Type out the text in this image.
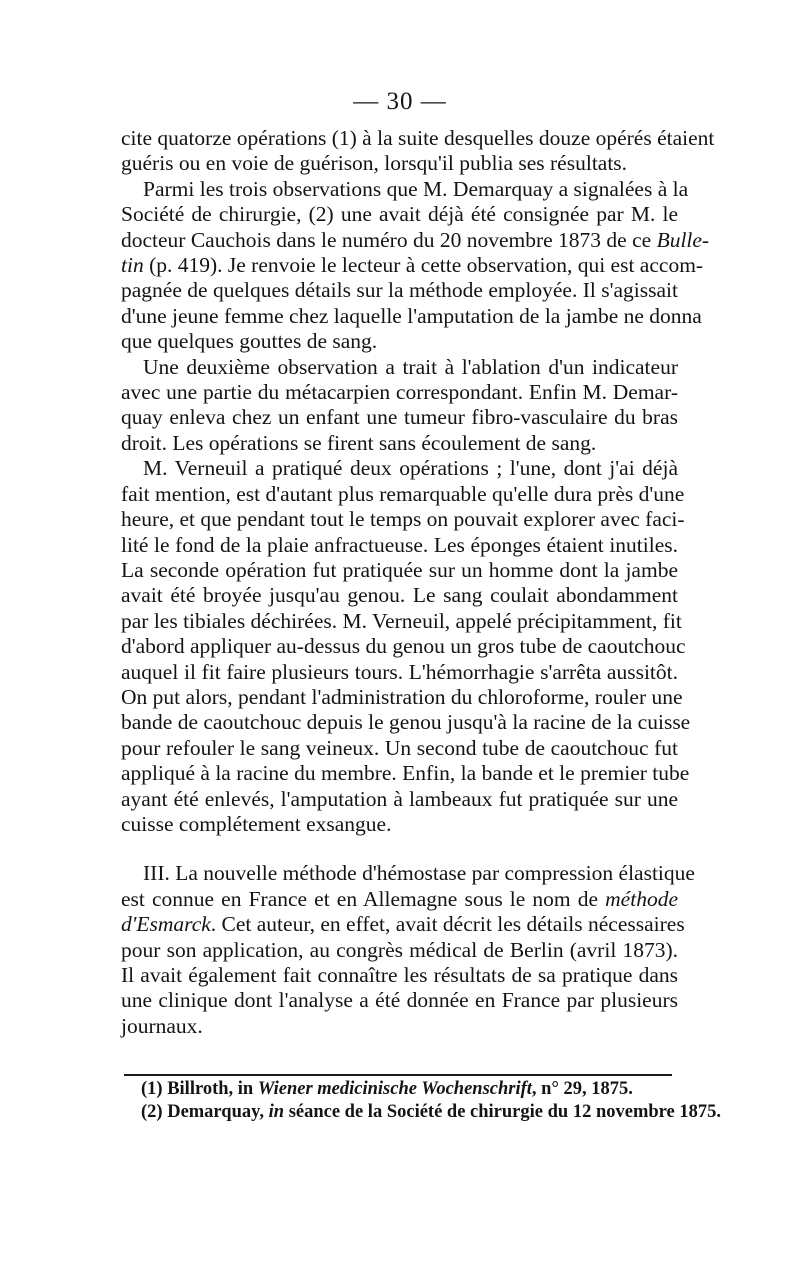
— 30 —
cite quatorze opérations (1) à la suite desquelles douze opérés étaient
guéris ou en voie de guérison, lorsqu'il publia ses résultats.
Parmi les trois observations que M. Demarquay a signalées à la
Société de chirurgie, (2) une avait déjà été consignée par M. le
docteur Cauchois dans le numéro du 20 novembre 1873 de ce Bulle-
tin (p. 419). Je renvoie le lecteur à cette observation, qui est accom-
pagnée de quelques détails sur la méthode employée. Il s'agissait
d'une jeune femme chez laquelle l'amputation de la jambe ne donna
que quelques gouttes de sang.
Une deuxième observation a trait à l'ablation d'un indicateur
avec une partie du métacarpien correspondant. Enfin M. Demar-
quay enleva chez un enfant une tumeur fibro-vasculaire du bras
droit. Les opérations se firent sans écoulement de sang.
M. Verneuil a pratiqué deux opérations ; l'une, dont j'ai déjà
fait mention, est d'autant plus remarquable qu'elle dura près d'une
heure, et que pendant tout le temps on pouvait explorer avec faci-
lité le fond de la plaie anfractueuse. Les éponges étaient inutiles.
La seconde opération fut pratiquée sur un homme dont la jambe
avait été broyée jusqu'au genou. Le sang coulait abondamment
par les tibiales déchirées. M. Verneuil, appelé précipitamment, fit
d'abord appliquer au-dessus du genou un gros tube de caoutchouc
auquel il fit faire plusieurs tours. L'hémorrhagie s'arrêta aussitôt.
On put alors, pendant l'administration du chloroforme, rouler une
bande de caoutchouc depuis le genou jusqu'à la racine de la cuisse
pour refouler le sang veineux. Un second tube de caoutchouc fut
appliqué à la racine du membre. Enfin, la bande et le premier tube
ayant été enlevés, l'amputation à lambeaux fut pratiquée sur une
cuisse complétement exsangue.
III. La nouvelle méthode d'hémostase par compression élastique
est connue en France et en Allemagne sous le nom de méthode
d'Esmarck. Cet auteur, en effet, avait décrit les détails nécessaires
pour son application, au congrès médical de Berlin (avril 1873).
Il avait également fait connaître les résultats de sa pratique dans
une clinique dont l'analyse a été donnée en France par plusieurs
journaux.
(1) Billroth, in Wiener medicinische Wochenschrift, n° 29, 1875.
(2) Demarquay, in séance de la Société de chirurgie du 12 novembre 1875.
